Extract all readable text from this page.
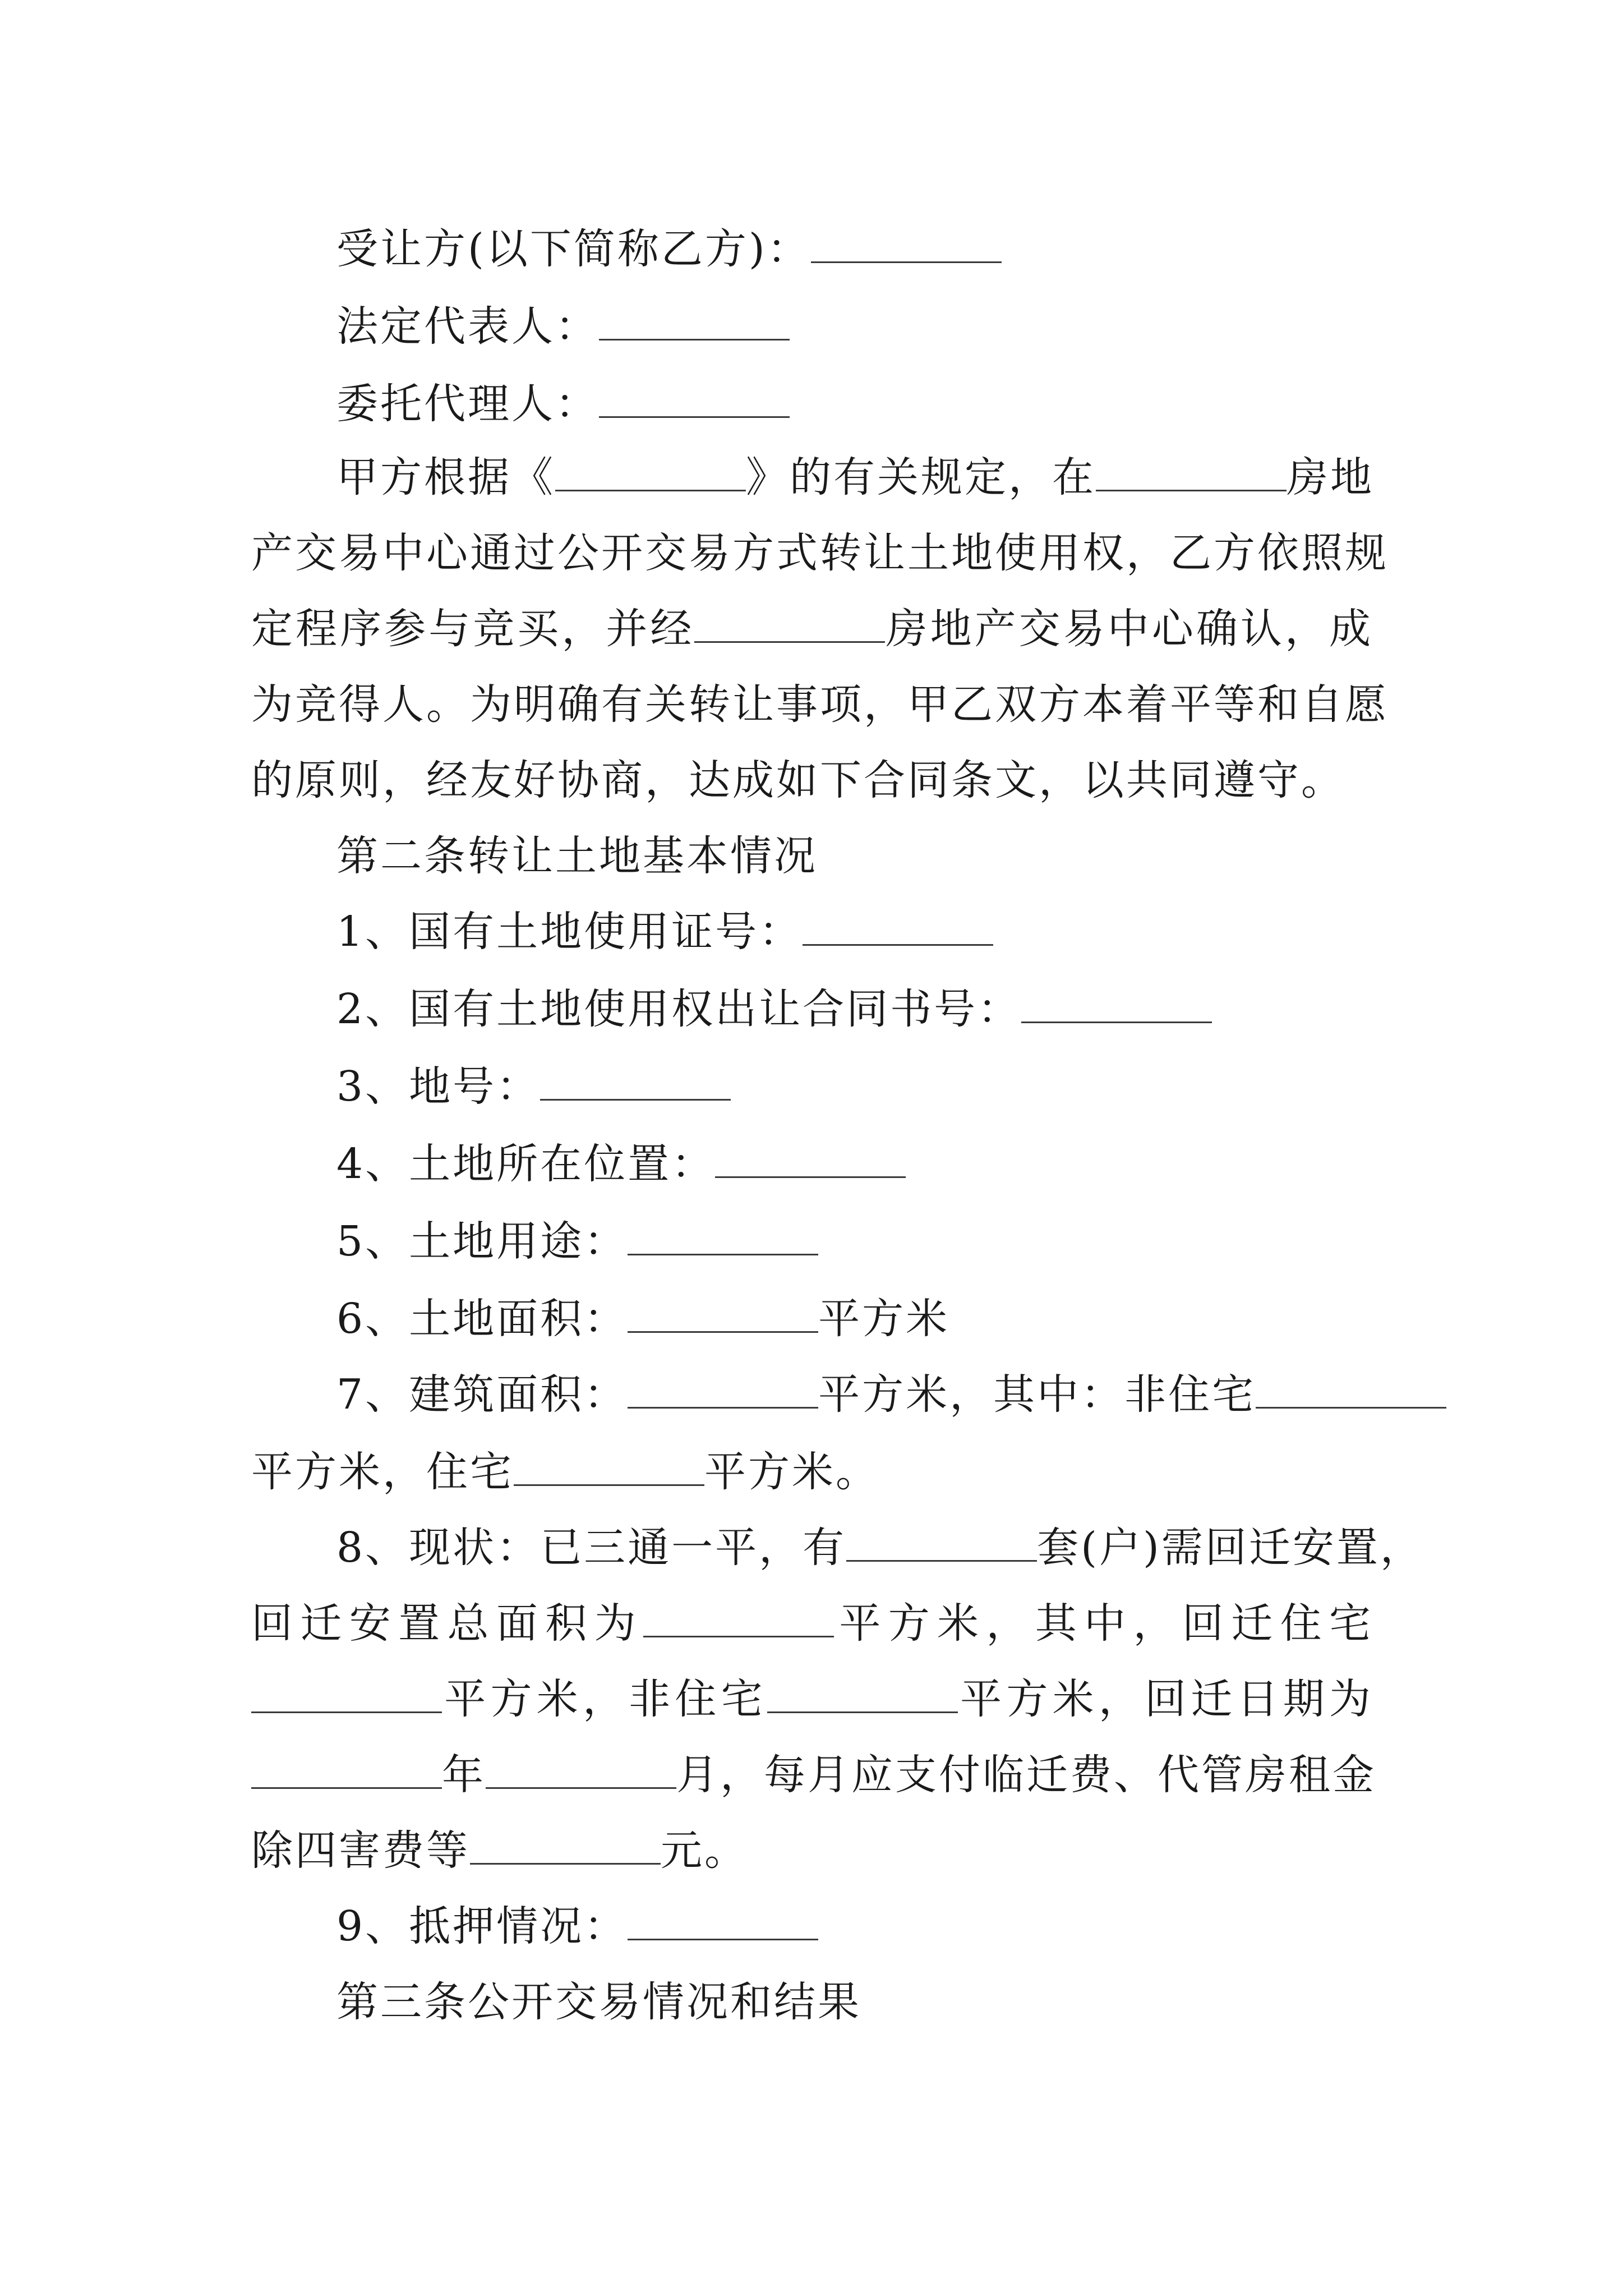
受让方(以下简称乙方)：
法定代表人：
委托代理人：
甲方根据《	》的有关规定，在	房地
产交易中心通过公开交易方式转让土地使用权，乙方依照规
定程序参与竞买，并经	房地产交易中心确认，成
为竞得人。为明确有关转让事项，甲乙双方本着平等和自愿
的原则，经友好协商，达成如下合同条文，以共同遵守。
第二条转让土地基本情况
1、国有土地使用证号：
2、国有土地使用权出让合同书号：
3、地号：
4、土地所在位置：
5、土地用途：
6、土地面积：	平方米
7、建筑面积：	平方米，其中：非住宅
平方米，住宅	平方米。
8、现状：已三通一平，有	套(户)需回迁安置，
回迁安置总面积为	平方米，其中，回迁住宅
平方米，非住宅	平方米，回迁日期为
年	月，每月应支付临迁费、代管房租金
除四害费等	元。
9、抵押情况：
第三条公开交易情况和结果
